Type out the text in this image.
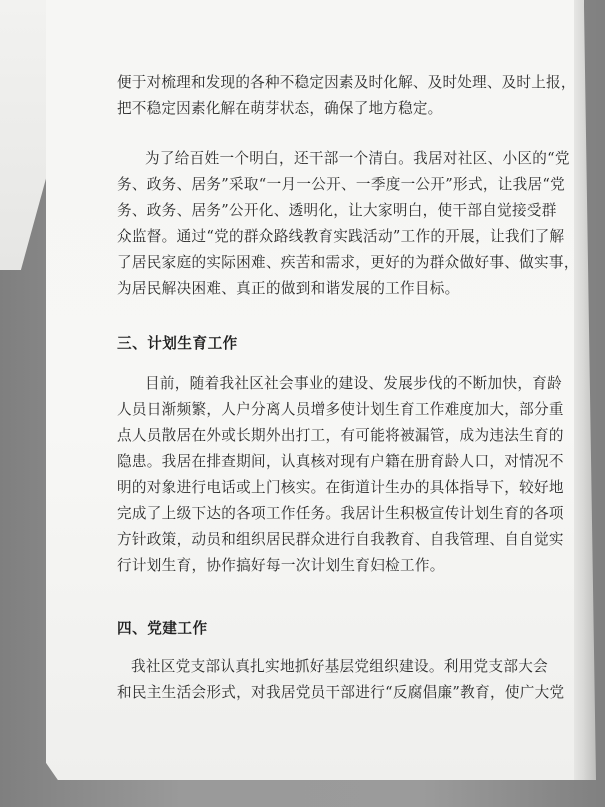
便于对梳理和发现的各种不稳定因素及时化解、及时处理、及时上报，
把不稳定因素化解在萌芽状态，确保了地方稳定。
为了给百姓一个明白，还干部一个清白。我居对社区、小区的“党
务、政务、居务”采取“一月一公开、一季度一公开”形式，让我居“党
务、政务、居务”公开化、透明化，让大家明白，使干部自觉接受群
众监督。通过“党的群众路线教育实践活动”工作的开展，让我们了解
了居民家庭的实际困难、疾苦和需求，更好的为群众做好事、做实事，
为居民解决困难、真正的做到和谐发展的工作目标。
三、计划生育工作
目前，随着我社区社会事业的建设、发展步伐的不断加快，育龄
人员日渐频繁，人户分离人员增多使计划生育工作难度加大，部分重
点人员散居在外或长期外出打工，有可能将被漏管，成为违法生育的
隐患。我居在排查期间，认真核对现有户籍在册育龄人口，对情况不
明的对象进行电话或上门核实。在街道计生办的具体指导下，较好地
完成了上级下达的各项工作任务。我居计生积极宣传计划生育的各项
方针政策，动员和组织居民群众进行自我教育、自我管理、自自觉实
行计划生育，协作搞好每一次计划生育妇检工作。
四、党建工作
我社区党支部认真扎实地抓好基层党组织建设。利用党支部大会
和民主生活会形式，对我居党员干部进行“反腐倡廉”教育，使广大党
